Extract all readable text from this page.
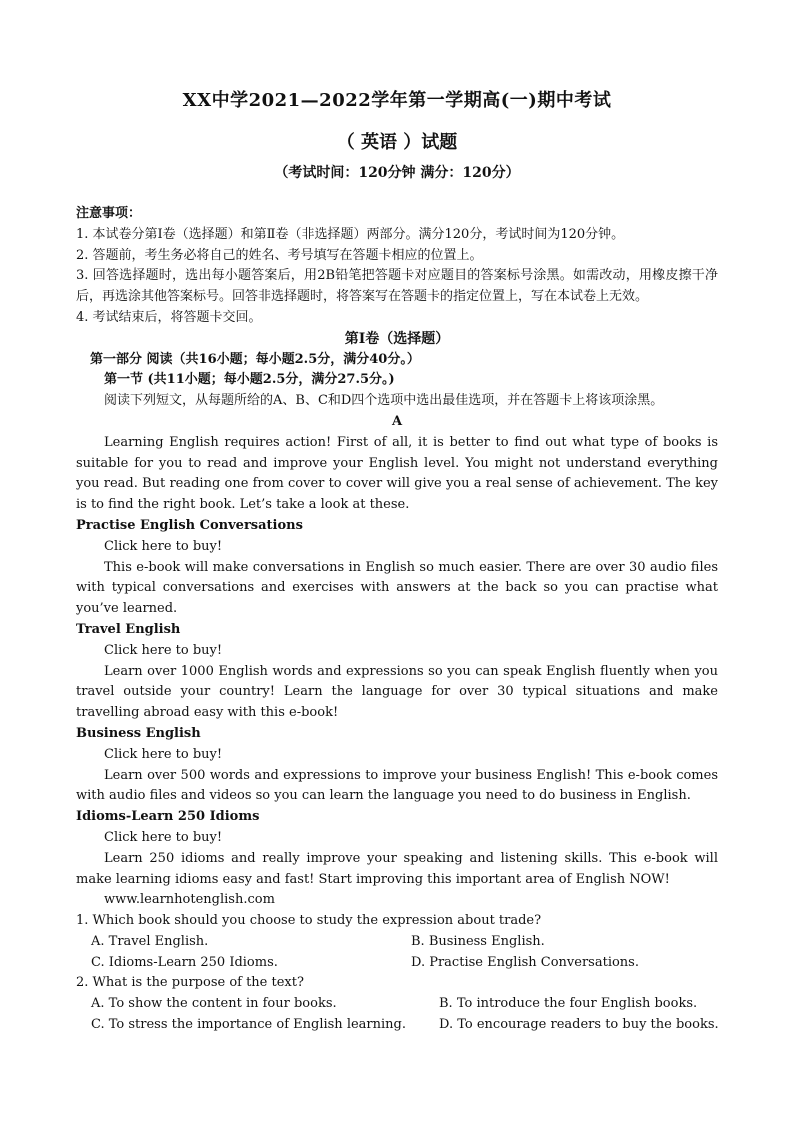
XX中学2021—2022学年第一学期高(一)期中考试
（ 英语 ）试题
（考试时间：120分钟 满分：120分）

注意事项：

1. 本试卷分第Ⅰ卷（选择题）和第Ⅱ卷（非选择题）两部分。满分120分，考试时间为120分钟。

2. 答题前，考生务必将自己的姓名、考号填写在答题卡相应的位置上。

3. 回答选择题时，选出每小题答案后，用2B铅笔把答题卡对应题目的答案标号涂黑。如需改动，用橡皮擦干净后，再选涂其他答案标号。回答非选择题时，将答案写在答题卡的指定位置上，写在本试卷上无效。

4. 考试结束后，将答题卡交回。

第Ⅰ卷（选择题）

第一部分 阅读（共16小题；每小题2.5分，满分40分。）

第一节 (共11小题；每小题2.5分，满分27.5分。)

阅读下列短文，从每题所给的A、B、C和D四个选项中选出最佳选项，并在答题卡上将该项涂黑。

A

Learning English requires action! First of all, it is better to find out what type of books is suitable for you to read and improve your English level. You might not understand everything you read. But reading one from cover to cover will give you a real sense of achievement. The key is to find the right book. Let’s take a look at these.

Practise English Conversations

Click here to buy!

This e-book will make conversations in English so much easier. There are over 30 audio files with typical conversations and exercises with answers at the back so you can practise what you’ve learned.

Travel English

Click here to buy!

Learn over 1000 English words and expressions so you can speak English fluently when you travel outside your country! Learn the language for over 30 typical situations and make travelling abroad easy with this e-book!

Business English

Click here to buy!

Learn over 500 words and expressions to improve your business English! This e-book comes with audio files and videos so you can learn the language you need to do business in English.

Idioms-Learn 250 Idioms

Click here to buy!

Learn 250 idioms and really improve your speaking and listening skills. This e-book will make learning idioms easy and fast! Start improving this important area of English NOW!

www.learnhotenglish.com

1. Which book should you choose to study the expression about trade?

A. Travel English.	B. Business English.
C. Idioms-Learn 250 Idioms.	D. Practise English Conversations.

2. What is the purpose of the text?

A. To show the content in four books.	B. To introduce the four English books.
C. To stress the importance of English learning.	D. To encourage readers to buy the books.
